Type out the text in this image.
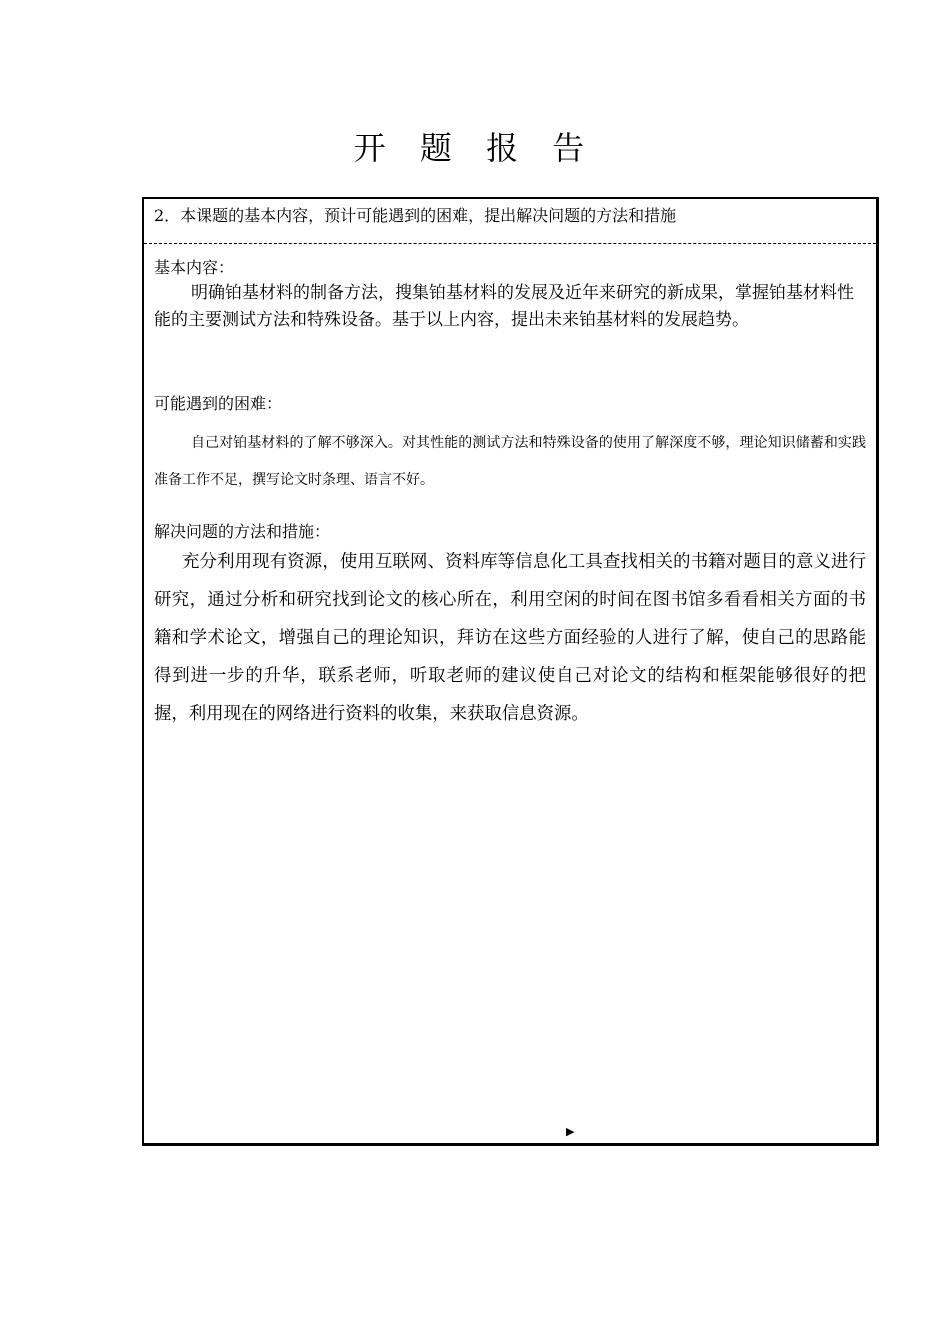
开 题 报 告
2．本课题的基本内容，预计可能遇到的困难，提出解决问题的方法和措施
基本内容：
明确铂基材料的制备方法，搜集铂基材料的发展及近年来研究的新成果，掌握铂基材料性能的主要测试方法和特殊设备。基于以上内容，提出未来铂基材料的发展趋势。
可能遇到的困难：
自己对铂基材料的了解不够深入。对其性能的测试方法和特殊设备的使用了解深度不够，理论知识储蓄和实践准备工作不足，撰写论文时条理、语言不好。
解决问题的方法和措施：
充分利用现有资源，使用互联网、资料库等信息化工具查找相关的书籍对题目的意义进行研究，通过分析和研究找到论文的核心所在，利用空闲的时间在图书馆多看看相关方面的书籍和学术论文，增强自己的理论知识，拜访在这些方面经验的人进行了解，使自己的思路能得到进一步的升华，联系老师，听取老师的建议使自己对论文的结构和框架能够很好的把握，利用现在的网络进行资料的收集，来获取信息资源。
▶
